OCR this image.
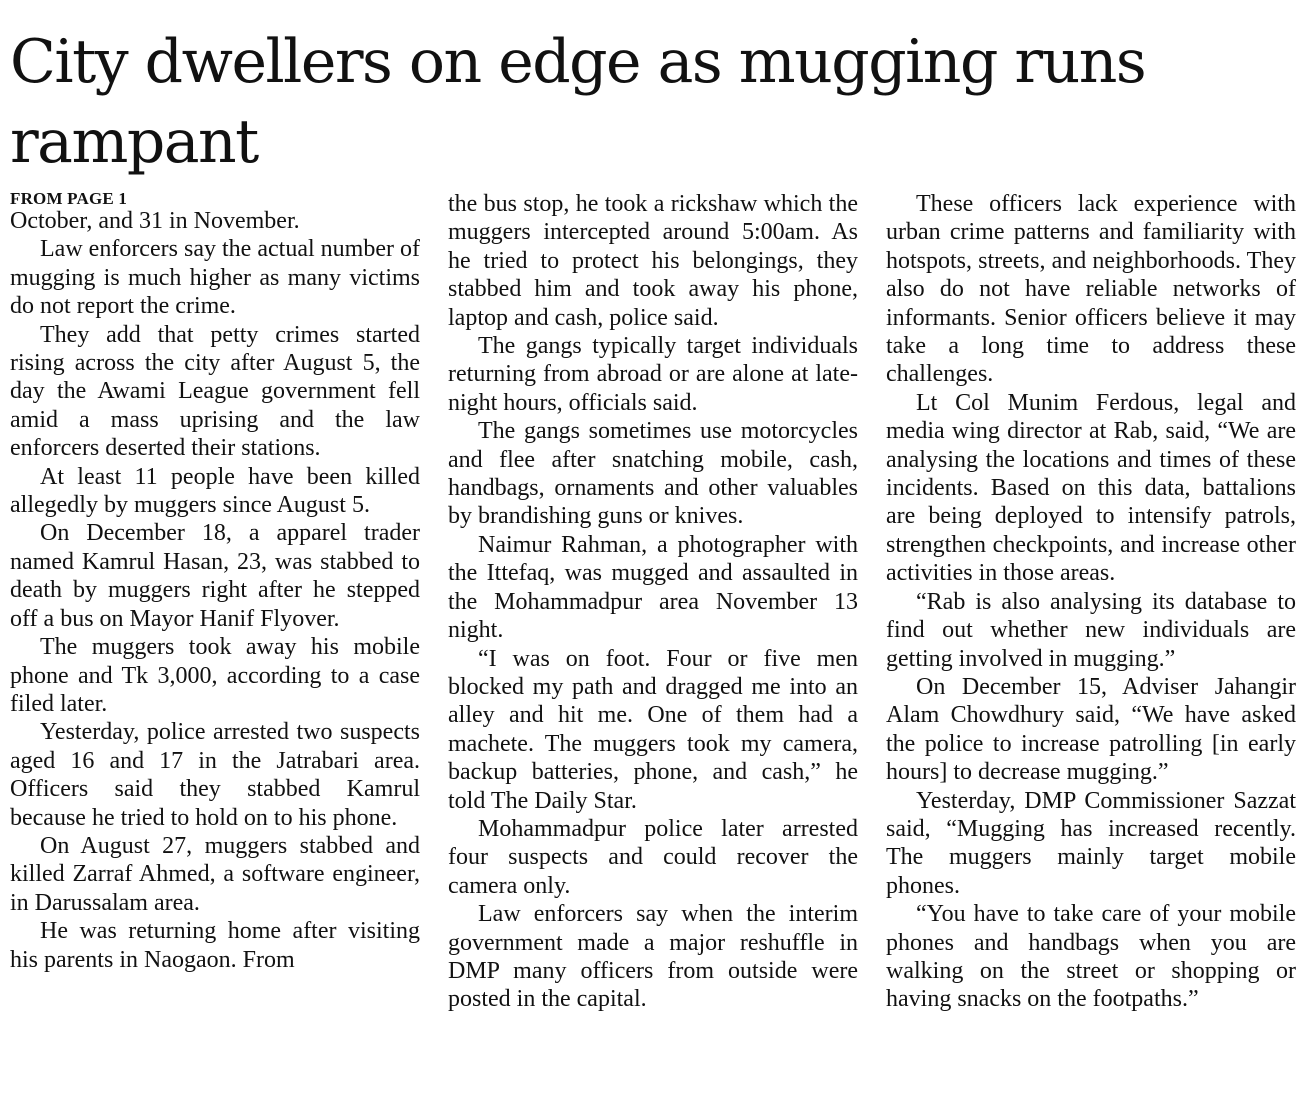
City dwellers on edge as mugging runs rampant
FROM PAGE 1

October, and 31 in November.

Law enforcers say the actual number of mugging is much higher as many victims do not report the crime.

They add that petty crimes started rising across the city after August 5, the day the Awami League government fell amid a mass uprising and the law enforcers deserted their stations.

At least 11 people have been killed allegedly by muggers since August 5.

On December 18, a apparel trader named Kamrul Hasan, 23, was stabbed to death by muggers right after he stepped off a bus on Mayor Hanif Flyover.

The muggers took away his mobile phone and Tk 3,000, according to a case filed later.

Yesterday, police arrested two suspects aged 16 and 17 in the Jatrabari area. Officers said they stabbed Kamrul because he tried to hold on to his phone.

On August 27, muggers stabbed and killed Zarraf Ahmed, a software engineer, in Darussalam area.

He was returning home after visiting his parents in Naogaon. From

the bus stop, he took a rickshaw which the muggers intercepted around 5:00am. As he tried to protect his belongings, they stabbed him and took away his phone, laptop and cash, police said.

The gangs typically target individuals returning from abroad or are alone at late-night hours, officials said.

The gangs sometimes use motorcycles and flee after snatching mobile, cash, handbags, ornaments and other valuables by brandishing guns or knives.

Naimur Rahman, a photographer with the Ittefaq, was mugged and assaulted in the Mohammadpur area November 13 night.

“I was on foot. Four or five men blocked my path and dragged me into an alley and hit me. One of them had a machete. The muggers took my camera, backup batteries, phone, and cash,” he told The Daily Star.

Mohammadpur police later arrested four suspects and could recover the camera only.

Law enforcers say when the interim government made a major reshuffle in DMP many officers from outside were posted in the capital.

These officers lack experience with urban crime patterns and familiarity with hotspots, streets, and neighborhoods. They also do not have reliable networks of informants. Senior officers believe it may take a long time to address these challenges.

Lt Col Munim Ferdous, legal and media wing director at Rab, said, “We are analysing the locations and times of these incidents. Based on this data, battalions are being deployed to intensify patrols, strengthen checkpoints, and increase other activities in those areas.

“Rab is also analysing its database to find out whether new individuals are getting involved in mugging.”

On December 15, Adviser Jahangir Alam Chowdhury said, “We have asked the police to increase patrolling [in early hours] to decrease mugging.”

Yesterday, DMP Commissioner Sazzat said, “Mugging has increased recently. The muggers mainly target mobile phones.

“You have to take care of your mobile phones and handbags when you are walking on the street or shopping or having snacks on the footpaths.”
